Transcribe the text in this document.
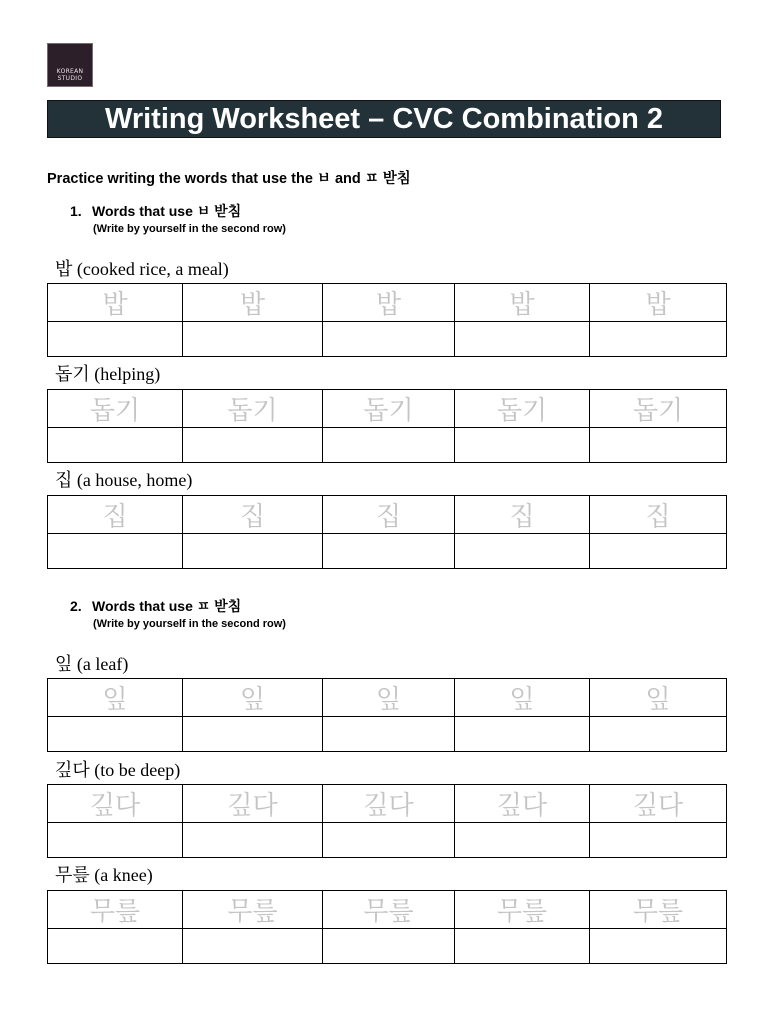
KOREAN
STUDIO
Writing Worksheet – CVC Combination 2
Practice writing the words that use the ㅂ and ㅍ 받침
1. Words that use ㅂ 받침
(Write by yourself in the second row)
밥 (cooked rice, a meal)
밥	밥	밥	밥	밥

돕기 (helping)
돕기	돕기	돕기	돕기	돕기

집 (a house, home)
집	집	집	집	집

2. Words that use ㅍ 받침
(Write by yourself in the second row)
잎 (a leaf)
잎	잎	잎	잎	잎

깊다 (to be deep)
깊다	깊다	깊다	깊다	깊다

무릎 (a knee)
무릎	무릎	무릎	무릎	무릎
